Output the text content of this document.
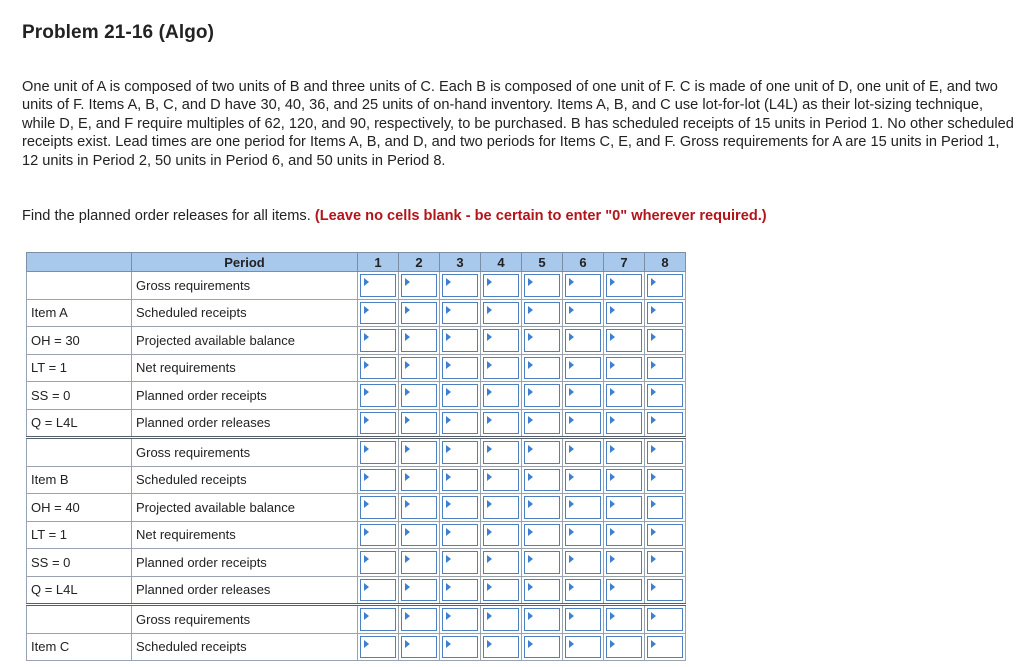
Problem 21-16 (Algo)

One unit of A is composed of two units of B and three units of C. Each B is composed of one unit of F. C is made of one unit of D, one unit of E, and two units of F. Items A, B, C, and D have 30, 40, 36, and 25 units of on-hand inventory. Items A, B, and C use lot-for-lot (L4L) as their lot-sizing technique, while D, E, and F require multiples of 62, 120, and 90, respectively, to be purchased. B has scheduled receipts of 15 units in Period 1. No other scheduled receipts exist. Lead times are one period for Items A, B, and D, and two periods for Items C, E, and F. Gross requirements for A are 15 units in Period 1, 12 units in Period 2, 50 units in Period 6, and 50 units in Period 8.

Find the planned order releases for all items. (Leave no cells blank - be certain to enter "0" wherever required.)

	Period	1	2	3	4	5	6	7	8
	Gross requirements	

Item A	Scheduled receipts	

OH = 30	Projected available balance	

LT = 1	Net requirements	

SS = 0	Planned order receipts	

Q = L4L	Planned order releases	

	Gross requirements	

Item B	Scheduled receipts	

OH = 40	Projected available balance	

LT = 1	Net requirements	

SS = 0	Planned order receipts	

Q = L4L	Planned order releases	

	Gross requirements	

Item C	Scheduled receipts	
